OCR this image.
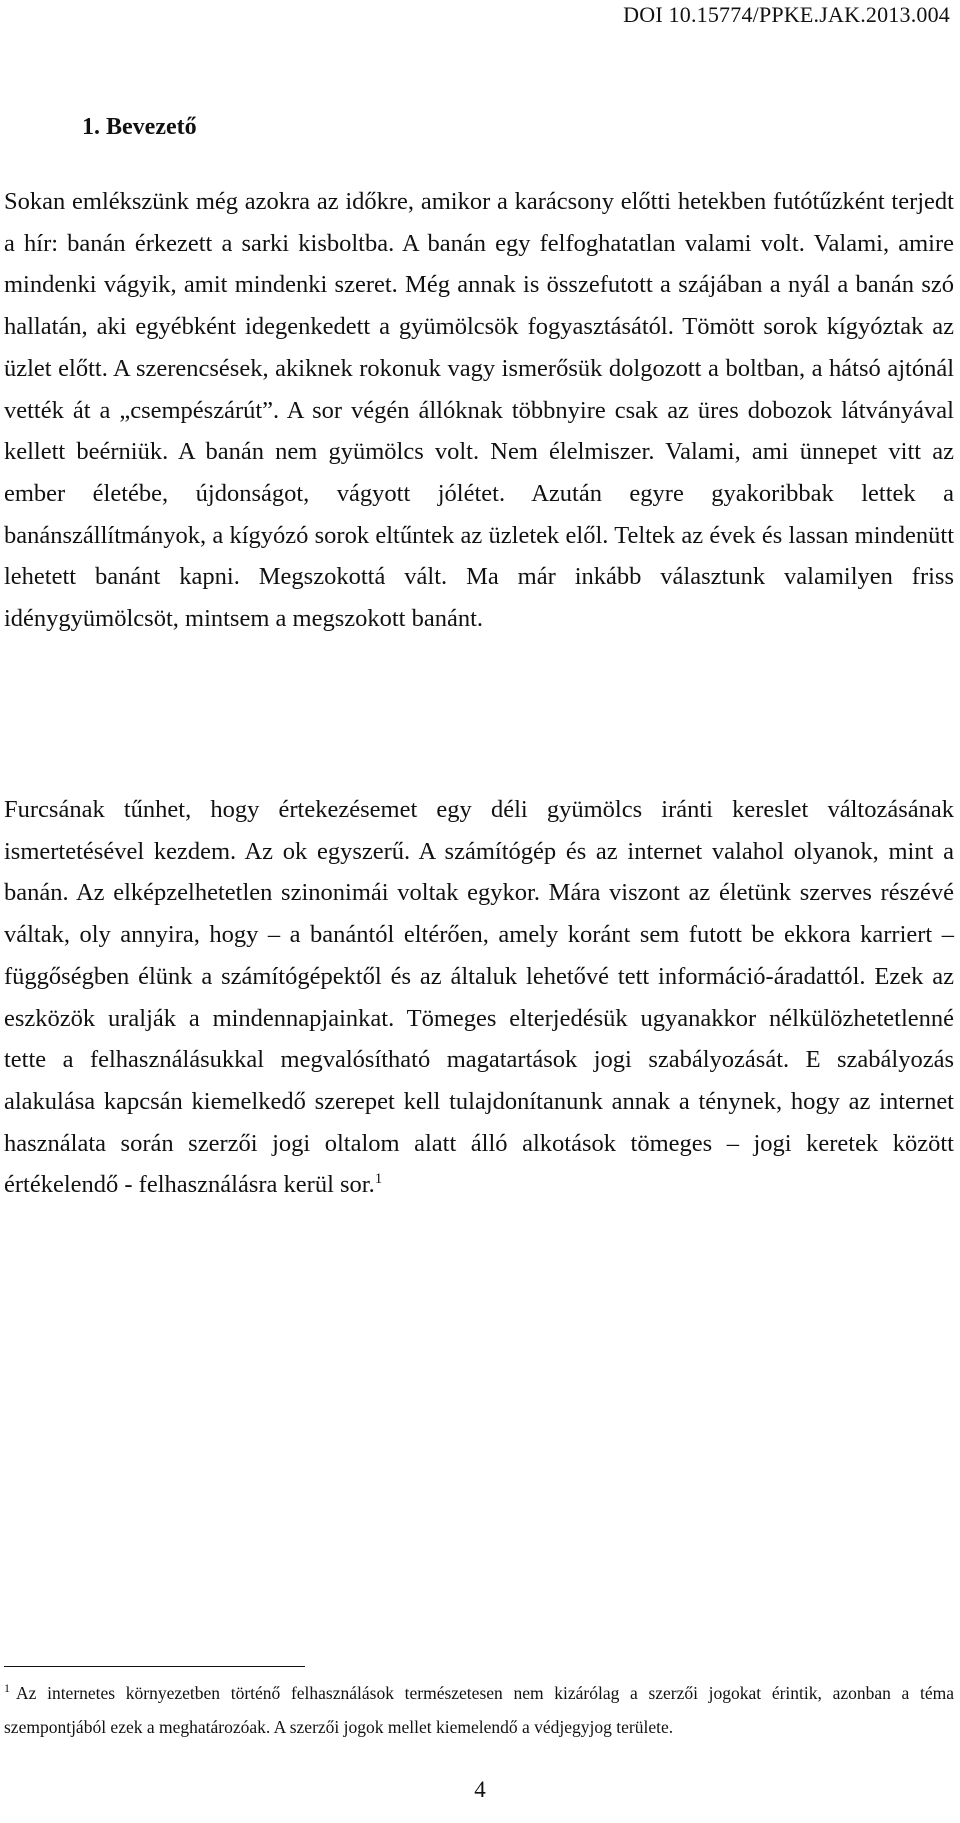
DOI 10.15774/PPKE.JAK.2013.004
1. Bevezető

Sokan emlékszünk még azokra az időkre, amikor a karácsony előtti hetekben futótűzként terjedt a hír: banán érkezett a sarki kisboltba. A banán egy felfoghatatlan valami volt. Valami, amire mindenki vágyik, amit mindenki szeret. Még annak is összefutott a szájában a nyál a banán szó hallatán, aki egyébként idegenkedett a gyümölcsök fogyasztásától. Tömött sorok kígyóztak az üzlet előtt. A szerencsések, akiknek rokonuk vagy ismerősük dolgozott a boltban, a hátsó ajtónál vették át a „csempészárút”. A sor végén állóknak többnyire csak az üres dobozok látványával kellett beérniük. A banán nem gyümölcs volt. Nem élelmiszer. Valami, ami ünnepet vitt az ember életébe, újdonságot, vágyott jólétet. Azután egyre gyakoribbak lettek a banánszállítmányok, a kígyózó sorok eltűntek az üzletek elől. Teltek az évek és lassan mindenütt lehetett banánt kapni. Megszokottá vált. Ma már inkább választunk valamilyen friss idénygyümölcsöt, mintsem a megszokott banánt.

Furcsának tűnhet, hogy értekezésemet egy déli gyümölcs iránti kereslet változásának ismertetésével kezdem. Az ok egyszerű. A számítógép és az internet valahol olyanok, mint a banán. Az elképzelhetetlen szinonimái voltak egykor. Mára viszont az életünk szerves részévé váltak, oly annyira, hogy – a banántól eltérően, amely koránt sem futott be ekkora karriert – függőségben élünk a számítógépektől és az általuk lehetővé tett információ-áradattól. Ezek az eszközök uralják a mindennapjainkat. Tömeges elterjedésük ugyanakkor nélkülözhetetlenné tette a felhasználásukkal megvalósítható magatartások jogi szabályozását. E szabályozás alakulása kapcsán kiemelkedő szerepet kell tulajdonítanunk annak a ténynek, hogy az internet használata során szerzői jogi oltalom alatt álló alkotások tömeges – jogi keretek között értékelendő - felhasználásra kerül sor.$^1$

$^1$ Az internetes környezetben történő felhasználások természetesen nem kizárólag a szerzői jogokat érintik, azonban a téma szempontjából ezek a meghatározóak. A szerzői jogok mellet kiemelendő a védjegyjog területe.

4
